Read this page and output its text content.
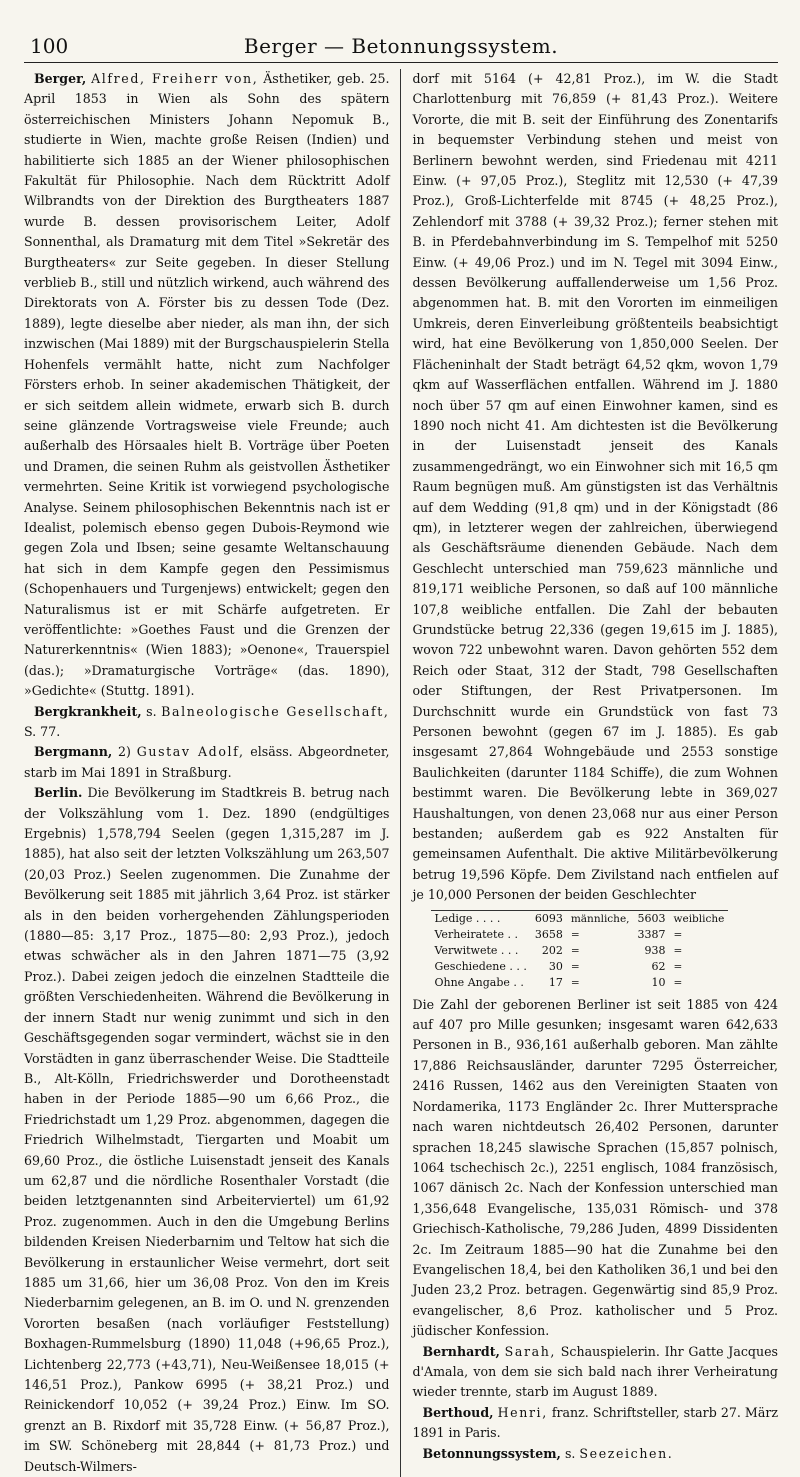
100	Berger — Betonnungssystem.

Berger, Alfred, Freiherr von, Ästhetiker, geb. 25. April 1853 in Wien als Sohn des spätern österreichischen Ministers Johann Nepomuk B., studierte in Wien, machte große Reisen (Indien) und habilitierte sich 1885 an der Wiener philosophischen Fakultät für Philosophie. Nach dem Rücktritt Adolf Wilbrandts von der Direktion des Burgtheaters 1887 wurde B. dessen provisorischem Leiter, Adolf Sonnenthal, als Dramaturg mit dem Titel »Sekretär des Burgtheaters« zur Seite gegeben. In dieser Stellung verblieb B., still und nützlich wirkend, auch während des Direktorats von A. Förster bis zu dessen Tode (Dez. 1889), legte dieselbe aber nieder, als man ihn, der sich inzwischen (Mai 1889) mit der Burgschauspielerin Stella Hohenfels vermählt hatte, nicht zum Nachfolger Försters erhob. In seiner akademischen Thätigkeit, der er sich seitdem allein widmete, erwarb sich B. durch seine glänzende Vortragsweise viele Freunde; auch außerhalb des Hörsaales hielt B. Vorträge über Poeten und Dramen, die seinen Ruhm als geistvollen Ästhetiker vermehrten. Seine Kritik ist vorwiegend psychologische Analyse. Seinem philosophischen Bekenntnis nach ist er Idealist, polemisch ebenso gegen Dubois-Reymond wie gegen Zola und Ibsen; seine gesamte Weltanschauung hat sich in dem Kampfe gegen den Pessimismus (Schopenhauers und Turgenjews) entwickelt; gegen den Naturalismus ist er mit Schärfe aufgetreten. Er veröffentlichte: »Goethes Faust und die Grenzen der Naturerkenntnis« (Wien 1883); »Oenone«, Trauerspiel (das.); »Dramaturgische Vorträge« (das. 1890), »Gedichte« (Stuttg. 1891).

Bergkrankheit, s. Balneologische Gesellschaft, S. 77.

Bergmann, 2) Gustav Adolf, elsäss. Abgeordneter, starb im Mai 1891 in Straßburg.

Berlin. Die Bevölkerung im Stadtkreis B. betrug nach der Volkszählung vom 1. Dez. 1890 (endgültiges Ergebnis) 1,578,794 Seelen (gegen 1,315,287 im J. 1885), hat also seit der letzten Volkszählung um 263,507 (20,03 Proz.) Seelen zugenommen. Die Zunahme der Bevölkerung seit 1885 mit jährlich 3,64 Proz. ist stärker als in den beiden vorhergehenden Zählungsperioden (1880—85: 3,17 Proz., 1875—80: 2,93 Proz.), jedoch etwas schwächer als in den Jahren 1871—75 (3,92 Proz.). Dabei zeigen jedoch die einzelnen Stadtteile die größten Verschiedenheiten. Während die Bevölkerung in der innern Stadt nur wenig zunimmt und sich in den Geschäftsgegenden sogar vermindert, wächst sie in den Vorstädten in ganz überraschender Weise. Die Stadtteile B., Alt-Kölln, Friedrichswerder und Dorotheenstadt haben in der Periode 1885—90 um 6,66 Proz., die Friedrichstadt um 1,29 Proz. abgenommen, dagegen die Friedrich Wilhelmstadt, Tiergarten und Moabit um 69,60 Proz., die östliche Luisenstadt jenseit des Kanals um 62,87 und die nördliche Rosenthaler Vorstadt (die beiden letztgenannten sind Arbeiterviertel) um 61,92 Proz. zugenommen. Auch in den die Umgebung Berlins bildenden Kreisen Niederbarnim und Teltow hat sich die Bevölkerung in erstaunlicher Weise vermehrt, dort seit 1885 um 31,66, hier um 36,08 Proz. Von den im Kreis Niederbarnim gelegenen, an B. im O. und N. grenzenden Vororten besaßen (nach vorläufiger Feststellung) Boxhagen-Rummelsburg (1890) 11,048 (+96,65 Proz.), Lichtenberg 22,773 (+43,71), Neu-Weißensee 18,015 (+ 146,51 Proz.), Pankow 6995 (+ 38,21 Proz.) und Reinickendorf 10,052 (+ 39,24 Proz.) Einw. Im SO. grenzt an B. Rixdorf mit 35,728 Einw. (+ 56,87 Proz.), im SW. Schöneberg mit 28,844 (+ 81,73 Proz.) und Deutsch-Wilmers-

dorf mit 5164 (+ 42,81 Proz.), im W. die Stadt Charlottenburg mit 76,859 (+ 81,43 Proz.). Weitere Vororte, die mit B. seit der Einführung des Zonentarifs in bequemster Verbindung stehen und meist von Berlinern bewohnt werden, sind Friedenau mit 4211 Einw. (+ 97,05 Proz.), Steglitz mit 12,530 (+ 47,39 Proz.), Groß-Lichterfelde mit 8745 (+ 48,25 Proz.), Zehlendorf mit 3788 (+ 39,32 Proz.); ferner stehen mit B. in Pferdebahnverbindung im S. Tempelhof mit 5250 Einw. (+ 49,06 Proz.) und im N. Tegel mit 3094 Einw., dessen Bevölkerung auffallenderweise um 1,56 Proz. abgenommen hat. B. mit den Vororten im einmeiligen Umkreis, deren Einverleibung größtenteils beabsichtigt wird, hat eine Bevölkerung von 1,850,000 Seelen. Der Flächeninhalt der Stadt beträgt 64,52 qkm, wovon 1,79 qkm auf Wasserflächen entfallen. Während im J. 1880 noch über 57 qm auf einen Einwohner kamen, sind es 1890 noch nicht 41. Am dichtesten ist die Bevölkerung in der Luisenstadt jenseit des Kanals zusammengedrängt, wo ein Einwohner sich mit 16,5 qm Raum begnügen muß. Am günstigsten ist das Verhältnis auf dem Wedding (91,8 qm) und in der Königstadt (86 qm), in letzterer wegen der zahlreichen, überwiegend als Geschäftsräume dienenden Gebäude. Nach dem Geschlecht unterschied man 759,623 männliche und 819,171 weibliche Personen, so daß auf 100 männliche 107,8 weibliche entfallen. Die Zahl der bebauten Grundstücke betrug 22,336 (gegen 19,615 im J. 1885), wovon 722 unbewohnt waren. Davon gehörten 552 dem Reich oder Staat, 312 der Stadt, 798 Gesellschaften oder Stiftungen, der Rest Privatpersonen. Im Durchschnitt wurde ein Grundstück von fast 73 Personen bewohnt (gegen 67 im J. 1885). Es gab insgesamt 27,864 Wohngebäude und 2553 sonstige Baulichkeiten (darunter 1184 Schiffe), die zum Wohnen bestimmt waren. Die Bevölkerung lebte in 369,027 Haushaltungen, von denen 23,068 nur aus einer Person bestanden; außerdem gab es 922 Anstalten für gemeinsamen Aufenthalt. Die aktive Militärbevölkerung betrug 19,596 Köpfe. Dem Zivilstand nach entfielen auf je 10,000 Personen der beiden Geschlechter

Ledige . . . .	6093	männliche,	5603	weibliche
Verheiratete . .	3658	=	3387	=
Verwitwete . . .	202	=	938	=
Geschiedene . . .	30	=	62	=
Ohne Angabe . .	17	=	10	=

Die Zahl der geborenen Berliner ist seit 1885 von 424 auf 407 pro Mille gesunken; insgesamt waren 642,633 Personen in B., 936,161 außerhalb geboren. Man zählte 17,886 Reichsausländer, darunter 7295 Österreicher, 2416 Russen, 1462 aus den Vereinigten Staaten von Nordamerika, 1173 Engländer 2c. Ihrer Muttersprache nach waren nichtdeutsch 26,402 Personen, darunter sprachen 18,245 slawische Sprachen (15,857 polnisch, 1064 tschechisch 2c.), 2251 englisch, 1084 französisch, 1067 dänisch 2c. Nach der Konfession unterschied man 1,356,648 Evangelische, 135,031 Römisch- und 378 Griechisch-Katholische, 79,286 Juden, 4899 Dissidenten 2c. Im Zeitraum 1885—90 hat die Zunahme bei den Evangelischen 18,4, bei den Katholiken 36,1 und bei den Juden 23,2 Proz. betragen. Gegenwärtig sind 85,9 Proz. evangelischer, 8,6 Proz. katholischer und 5 Proz. jüdischer Konfession.

Bernhardt, Sarah, Schauspielerin. Ihr Gatte Jacques d'Amala, von dem sie sich bald nach ihrer Verheiratung wieder trennte, starb im August 1889.

Berthoud, Henri, franz. Schriftsteller, starb 27. März 1891 in Paris.

Betonnungssystem, s. Seezeichen.
